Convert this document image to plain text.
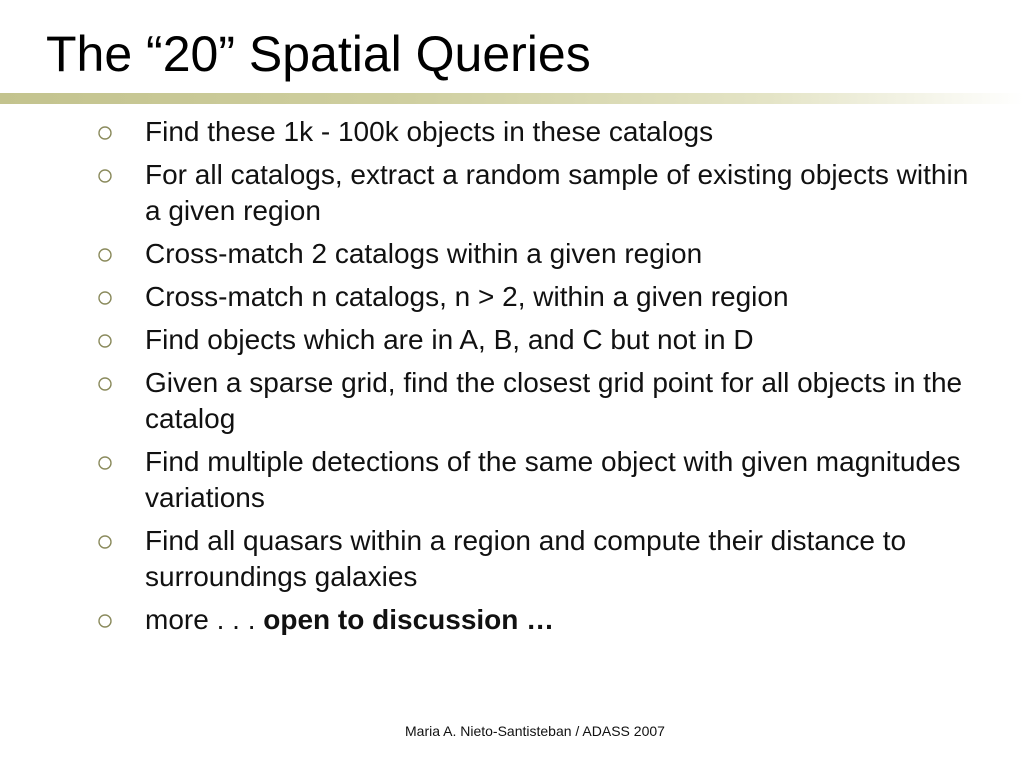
The “20” Spatial Queries
Find these 1k - 100k objects in these catalogs
For all catalogs, extract a random sample of existing objects within a given region
Cross-match 2 catalogs within a given region
Cross-match n catalogs, n > 2, within a given region
Find objects which are in A, B, and C but not in D
Given a sparse grid, find the closest grid point for all objects in the catalog
Find multiple detections of the same object with given magnitudes variations
Find all quasars within a region and compute their distance to surroundings galaxies
more . . . open to discussion …
Maria A. Nieto-Santisteban / ADASS 2007
